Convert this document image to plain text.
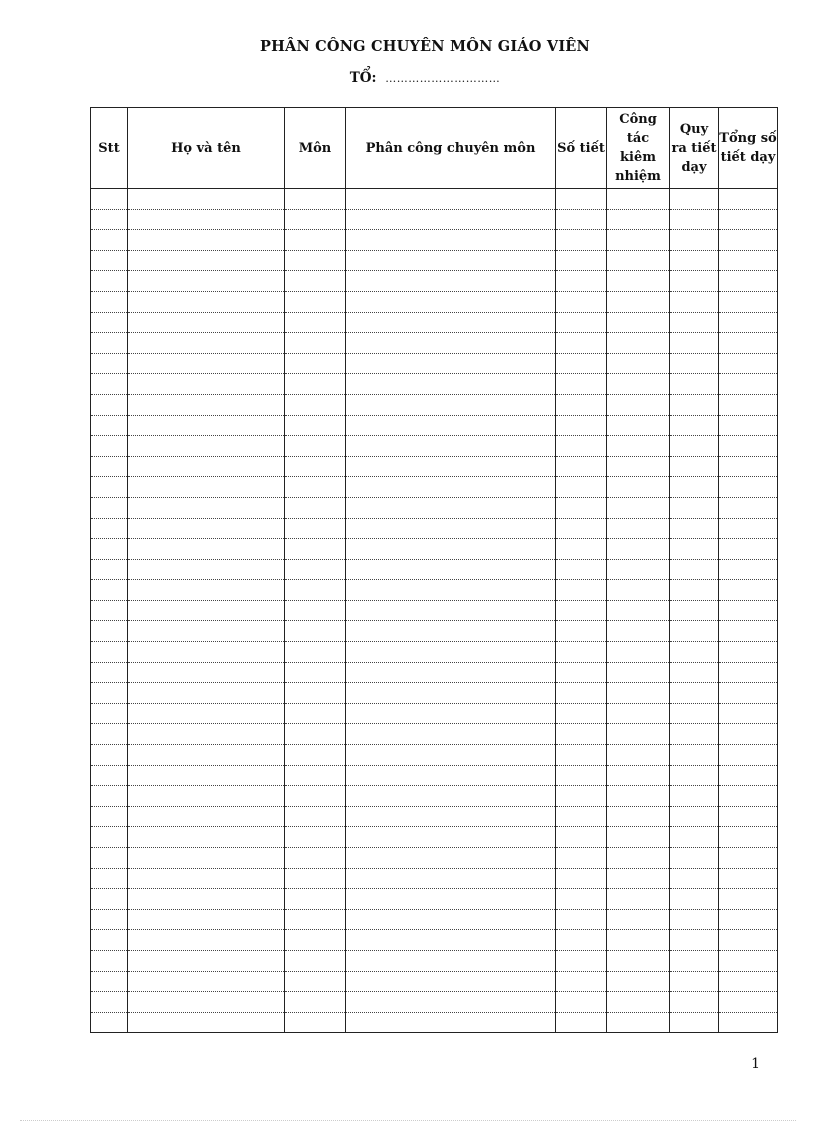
PHÂN CÔNG CHUYÊN MÔN GIÁO VIÊN
TỔ: …………………………
Stt	Họ và tên	Môn	Phân công chuyên môn	Số tiết	Công tác kiêm nhiệm	Quy ra tiết dạy	Tổng số tiết dạy

1
